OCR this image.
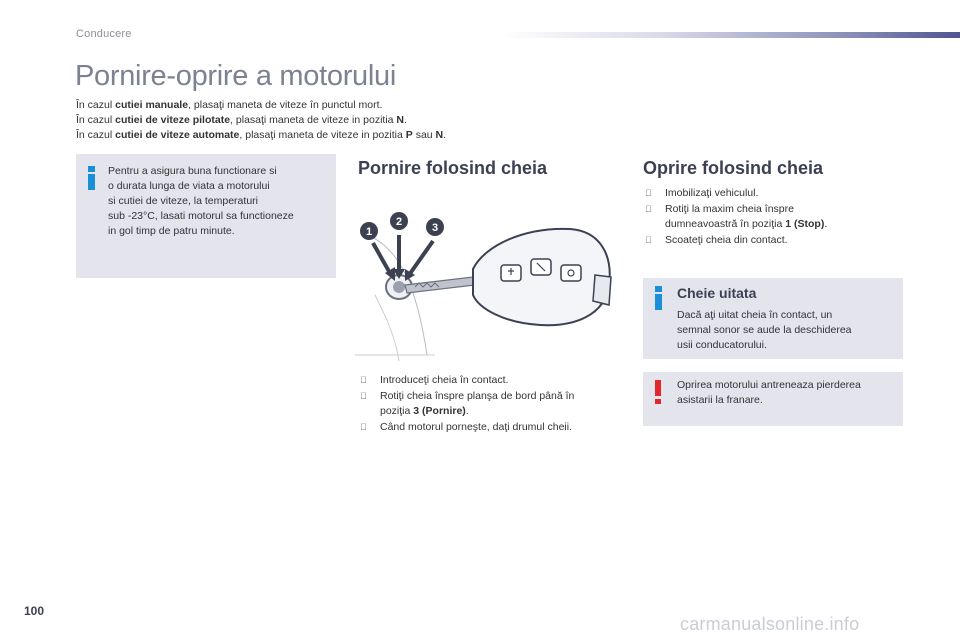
Conducere
Pornire-oprire a motorului
În cazul cutiei manuale, plasaţi maneta de viteze în punctul mort.
În cazul cutiei de viteze pilotate, plasaţi maneta de viteze in pozitia N.
În cazul cutiei de viteze automate, plasaţi maneta de viteze in pozitia P sau N.
Pentru a asigura buna functionare si
o durata lunga de viata a motorului
si cutiei de viteze, la temperaturi
sub -23°C, lasati motorul sa functioneze
in gol timp de patru minute.
Pornire folosind cheia
1
2	3
Introduceţi cheia în contact.
Rotiţi cheia înspre planşa de bord până în
poziţia 3 (Pornire).
Când motorul porneşte, daţi drumul cheii.
Oprire folosind cheia
Imobilizaţi vehiculul.
Rotiţi la maxim cheia înspre
dumneavoastră în poziţia 1 (Stop).
Scoateţi cheia din contact.
Cheie uitata
Dacă aţi uitat cheia în contact, un
semnal sonor se aude la deschiderea
usii conducatorului.
Oprirea motorului antreneaza pierderea
asistarii la franare.
100
carmanualsonline.info
